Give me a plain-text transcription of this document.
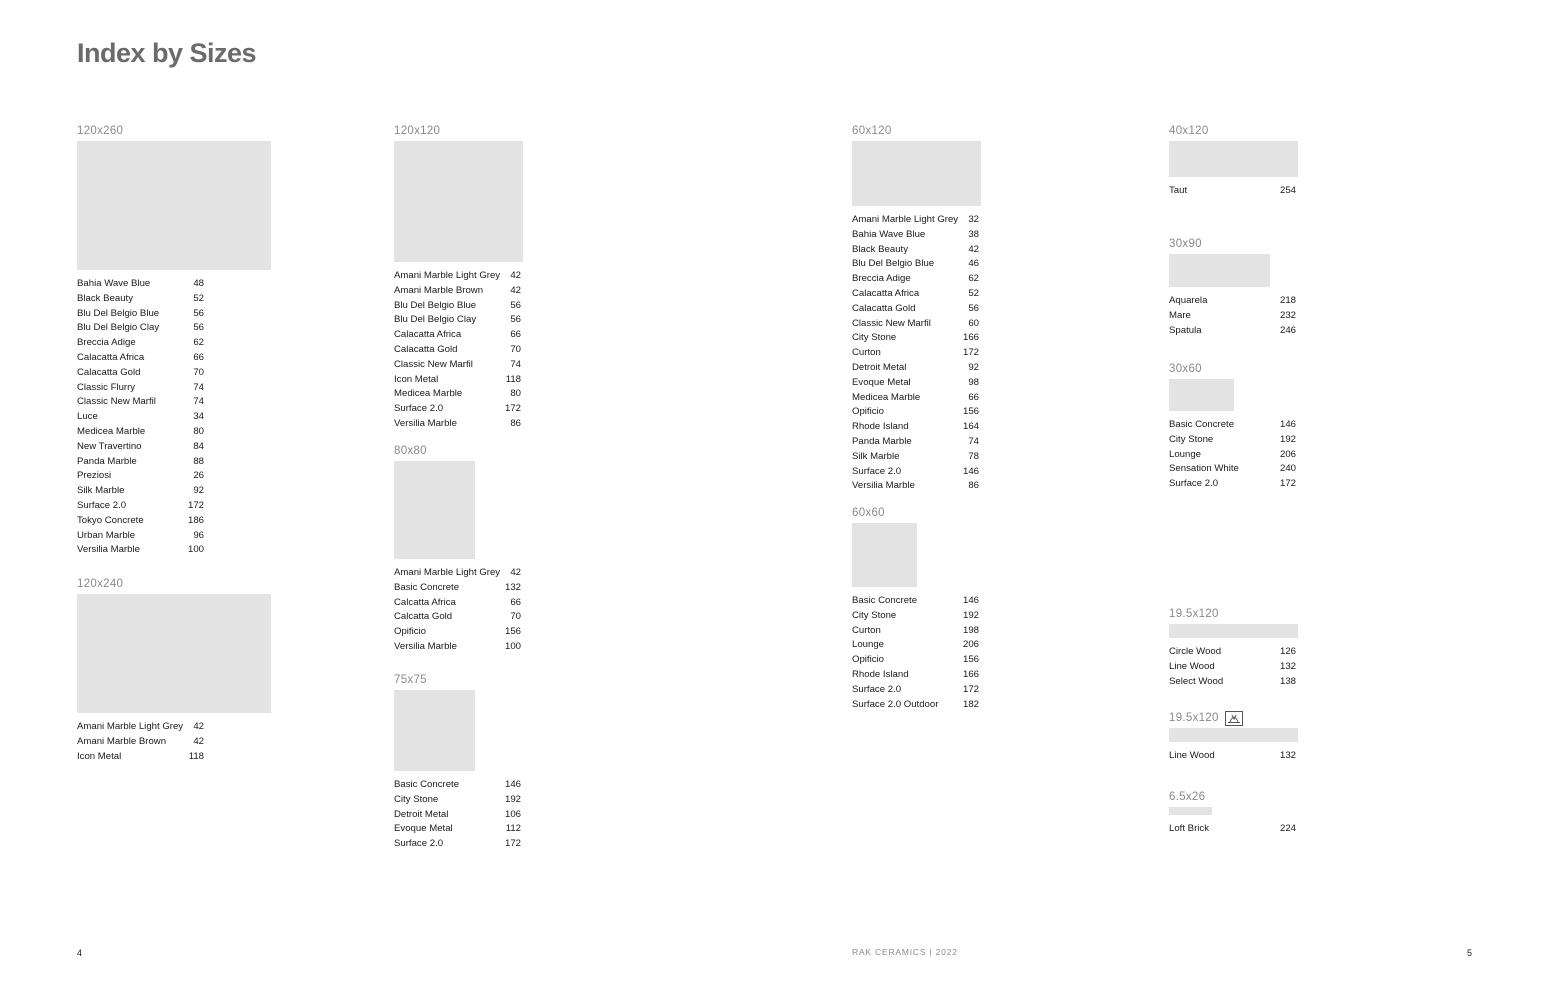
Index by Sizes
120x260
Bahia Wave Blue	48
Black Beauty	52
Blu Del Belgio Blue	56
Blu Del Belgio Clay	56
Breccia Adige	62
Calacatta Africa	66
Calacatta Gold	70
Classic Flurry	74
Classic New Marfil	74
Luce	34
Medicea Marble	80
New Travertino	84
Panda Marble	88
Preziosi	26
Silk Marble	92
Surface 2.0	172
Tokyo Concrete	186
Urban Marble	96
Versilia Marble	100
120x240
Amani Marble Light Grey 42
Amani Marble Brown	42
Icon Metal	118
120x120
Amani Marble Light Grey 42
Amani Marble Brown	42
Blu Del Belgio Blue	56
Blu Del Belgio Clay	56
Calacatta Africa	66
Calacatta Gold	70
Classic New Marfil	74
Icon Metal	118
Medicea Marble	80
Surface 2.0	172
Versilia Marble	86
80x80
Amani Marble Light Grey 42
Basic Concrete	132
Calcatta Africa	66
Calcatta Gold	70
Opificio	156
Versilia Marble	100
75x75
Basic Concrete	146
City Stone	192
Detroit Metal	106
Evoque Metal	112
Surface 2.0	172
60x120
Amani Marble Light Grey 32
Bahia Wave Blue	38
Black Beauty	42
Blu Del Belgio Blue	46
Breccia Adige	62
Calacatta Africa	52
Calacatta Gold	56
Classic New Marfil	60
City Stone	166
Curton	172
Detroit Metal	92
Evoque Metal	98
Medicea Marble	66
Opificio	156
Rhode Island	164
Panda Marble	74
Silk Marble	78
Surface 2.0	146
Versilia Marble	86
60x60
Basic Concrete	146
City Stone	192
Curton	198
Lounge	206
Opificio	156
Rhode Island	166
Surface 2.0	172
Surface 2.0 Outdoor	182
40x120
Taut	254
30x90
Aquarela	218
Mare	232
Spatula	246
30x60
Basic Concrete	146
City Stone	192
Lounge	206
Sensation White	240
Surface 2.0	172
19.5x120
Circle Wood	126
Line Wood	132
Select Wood	138
19.5x120
Line Wood	132
6.5x26
Loft Brick	224
4	RAK CERAMICS | 2022	5
